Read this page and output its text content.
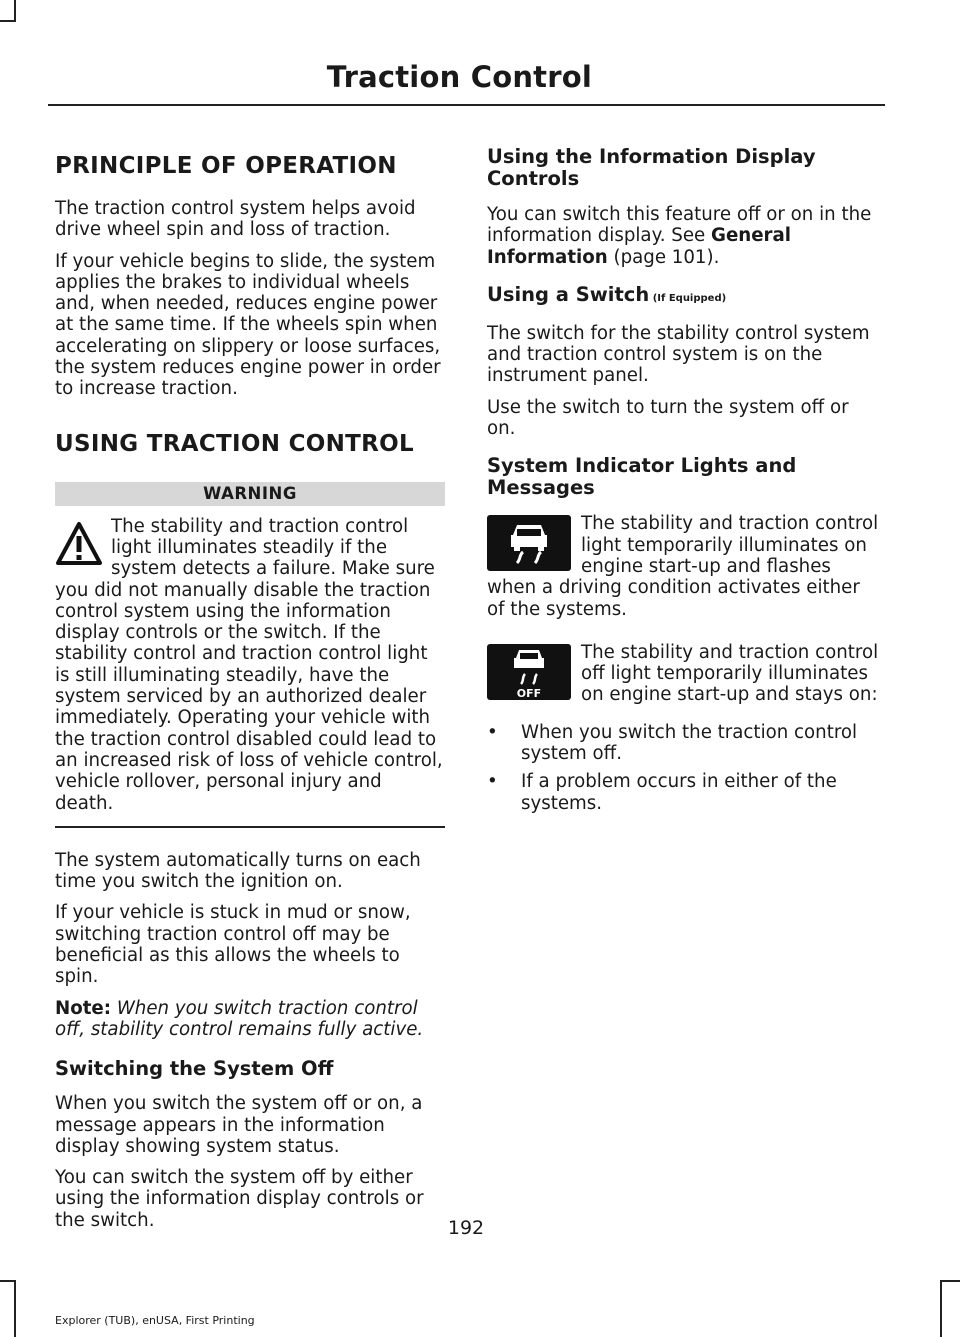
Traction Control
PRINCIPLE OF OPERATION

The traction control system helps avoid drive wheel spin and loss of traction.

If your vehicle begins to slide, the system applies the brakes to individual wheels and, when needed, reduces engine power at the same time. If the wheels spin when accelerating on slippery or loose surfaces, the system reduces engine power in order to increase traction.

USING TRACTION CONTROL
WARNING

The stability and traction control light illuminates steadily if the system detects a failure. Make sure you did not manually disable the traction control system using the information display controls or the switch. If the stability control and traction control light is still illuminating steadily, have the system serviced by an authorized dealer immediately. Operating your vehicle with the traction control disabled could lead to an increased risk of loss of vehicle control, vehicle rollover, personal injury and death.

The system automatically turns on each time you switch the ignition on.

If your vehicle is stuck in mud or snow, switching traction control off may be beneficial as this allows the wheels to spin.

Note: When you switch traction control off, stability control remains fully active.

Switching the System Off

When you switch the system off or on, a message appears in the information display showing system status.

You can switch the system off by either using the information display controls or the switch.

Using the Information Display Controls

You can switch this feature off or on in the information display. See General Information (page 101).

Using a Switch (If Equipped)

The switch for the stability control system and traction control system is on the instrument panel.

Use the switch to turn the system off or on.

System Indicator Lights and Messages

The stability and traction control light temporarily illuminates on engine start-up and flashes when a driving condition activates either of the systems.

OFF

The stability and traction control off light temporarily illuminates on engine start-up and stays on:

• When you switch the traction control system off.
• If a problem occurs in either of the systems.
192
Explorer (TUB), enUSA, First Printing
